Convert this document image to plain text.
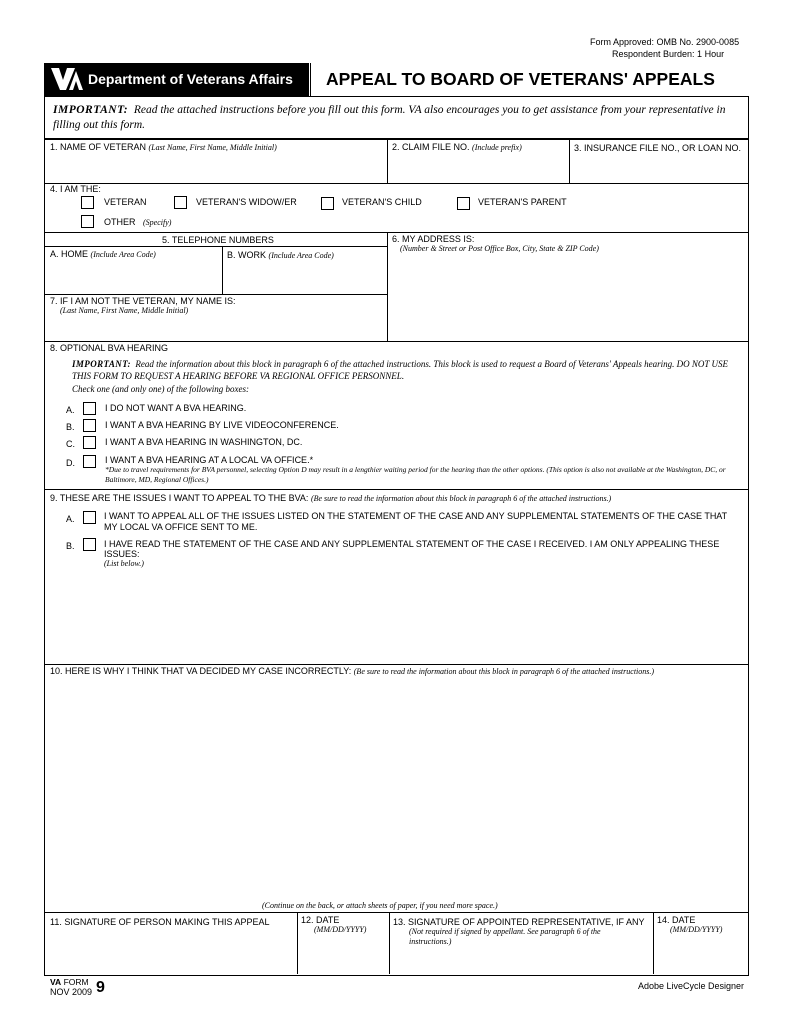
Form Approved: OMB No. 2900-0085
Respondent Burden: 1 Hour
Department of Veterans Affairs APPEAL TO BOARD OF VETERANS' APPEALS
IMPORTANT: Read the attached instructions before you fill out this form. VA also encourages you to get assistance from your representative in filling out this form.
1. NAME OF VETERAN (Last Name, First Name, Middle Initial)	2. CLAIM FILE NO. (Include prefix)	3. INSURANCE FILE NO., OR LOAN NO.
4. I AM THE:
VETERAN	VETERAN'S WIDOW/ER	VETERAN'S CHILD	VETERAN'S PARENT
OTHER (Specify)
5. TELEPHONE NUMBERS
A. HOME (Include Area Code)	B. WORK (Include Area Code)
7. IF I AM NOT THE VETERAN, MY NAME IS:
(Last Name, First Name, Middle Initial)
6. MY ADDRESS IS:
(Number & Street or Post Office Box, City, State & ZIP Code)
8. OPTIONAL BVA HEARING
IMPORTANT: Read the information about this block in paragraph 6 of the attached instructions. This block is used to request a Board of Veterans' Appeals hearing. DO NOT USE THIS FORM TO REQUEST A HEARING BEFORE VA REGIONAL OFFICE PERSONNEL.
Check one (and only one) of the following boxes:
A.	I DO NOT WANT A BVA HEARING.
B.	I WANT A BVA HEARING BY LIVE VIDEOCONFERENCE.
C.	I WANT A BVA HEARING IN WASHINGTON, DC.
D.	I WANT A BVA HEARING AT A LOCAL VA OFFICE.*
*Due to travel requirements for BVA personnel, selecting Option D may result in a lengthier waiting period for the hearing than the other options. (This option is also not available at the Washington, DC, or Baltimore, MD, Regional Offices.)
9. THESE ARE THE ISSUES I WANT TO APPEAL TO THE BVA: (Be sure to read the information about this block in paragraph 6 of the attached instructions.)
A.	I WANT TO APPEAL ALL OF THE ISSUES LISTED ON THE STATEMENT OF THE CASE AND ANY SUPPLEMENTAL STATEMENTS OF THE CASE THAT MY LOCAL VA OFFICE SENT TO ME.
B.	I HAVE READ THE STATEMENT OF THE CASE AND ANY SUPPLEMENTAL STATEMENT OF THE CASE I RECEIVED. I AM ONLY APPEALING THESE ISSUES:
(List below.)
10. HERE IS WHY I THINK THAT VA DECIDED MY CASE INCORRECTLY: (Be sure to read the information about this block in paragraph 6 of the attached instructions.)
(Continue on the back, or attach sheets of paper, if you need more space.)
11. SIGNATURE OF PERSON MAKING THIS APPEAL	12. DATE
(MM/DD/YYYY)
13. SIGNATURE OF APPOINTED REPRESENTATIVE, IF ANY
(Not required if signed by appellant. See paragraph 6 of the instructions.)
14. DATE
(MM/DD/YYYY)
VA FORM
NOV 2009 9	Adobe LiveCycle Designer
